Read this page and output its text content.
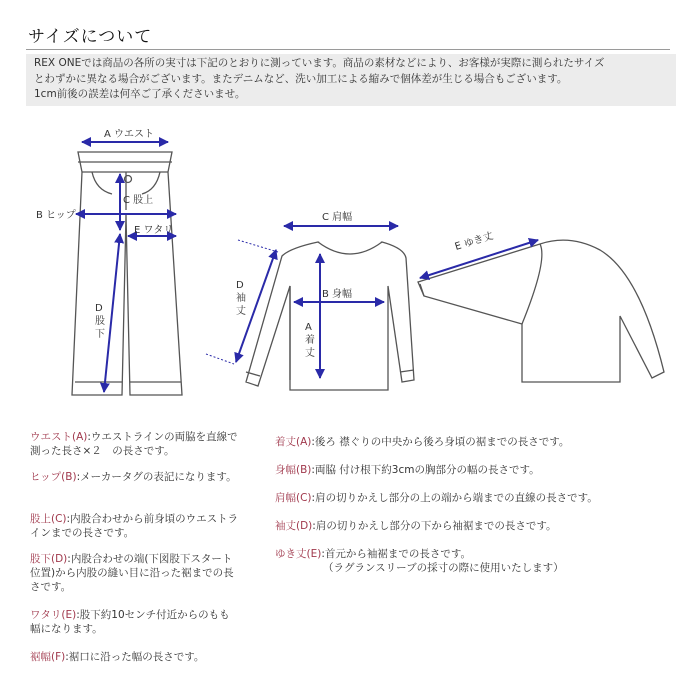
サイズについて
REX ONEでは商品の各所の実寸は下記のとおりに測っています。商品の素材などにより、お客様が実際に測られたサイズ
とわずかに異なる場合がございます。またデニムなど、洗い加工による縮みで個体差が生じる場合もございます。
1cm前後の誤差は何卒ご了承くださいませ。
A ウエスト
B ヒップ
C 股上
E ワタリ
D
股
下
C 肩幅
B 身幅
A
着
丈
D
袖
丈
E ゆき丈
ウエスト(A):ウエストラインの両脇を直線で測った長さ×２　の長さです。
ヒップ(B):メーカータグの表記になります。
股上(C):内股合わせから前身頃のウエストラインまでの長さです。
股下(D):内股合わせの端(下図股下スタート位置)から内股の縫い目に沿った裾までの長さです。
ワタリ(E):股下約10センチ付近からのもも幅になります。
裾幅(F):裾口に沿った幅の長さです。
着丈(A):後ろ 襟ぐりの中央から後ろ身頃の裾までの長さです。
身幅(B):両脇 付け根下約3cmの胸部分の幅の長さです。
肩幅(C):肩の切りかえし部分の上の端から端までの直線の長さです。
袖丈(D):肩の切りかえし部分の下から袖裾までの長さです。
ゆき丈(E):首元から袖裾までの長さです。
（ラグランスリーブの採寸の際に使用いたします）
